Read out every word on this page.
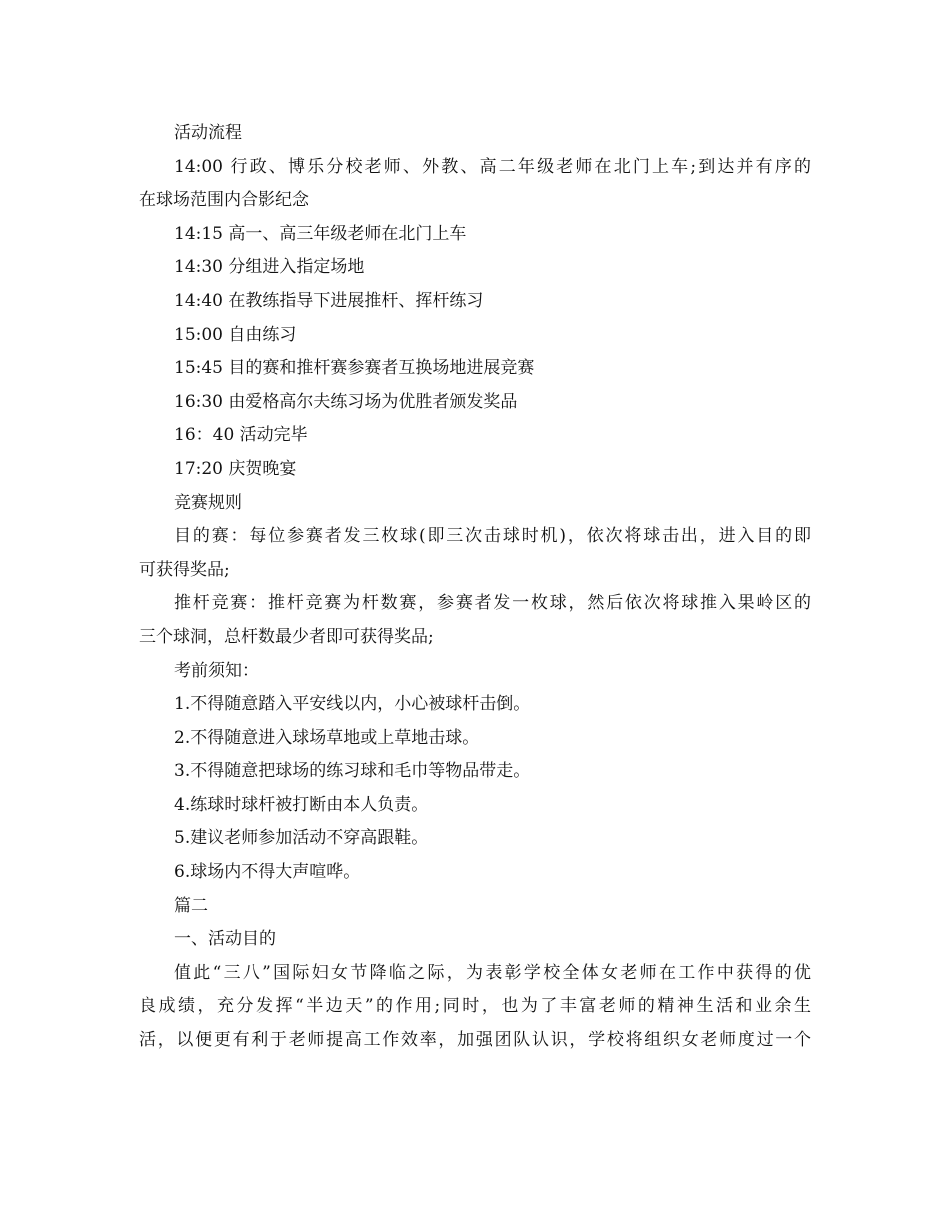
活动流程
14:00 行政、博乐分校老师、外教、高二年级老师在北门上车;到达并有序的
在球场范围内合影纪念
14:15 高一、高三年级老师在北门上车
14:30 分组进入指定场地
14:40 在教练指导下进展推杆、挥杆练习
15:00 自由练习
15:45 目的赛和推杆赛参赛者互换场地进展竞赛
16:30 由爱格高尔夫练习场为优胜者颁发奖品
16：40 活动完毕
17:20 庆贺晚宴
竞赛规则
目的赛：每位参赛者发三枚球(即三次击球时机)，依次将球击出，进入目的即
可获得奖品;
推杆竞赛：推杆竞赛为杆数赛，参赛者发一枚球，然后依次将球推入果岭区的
三个球洞，总杆数最少者即可获得奖品;
考前须知：
1.不得随意踏入平安线以内，小心被球杆击倒。
2.不得随意进入球场草地或上草地击球。
3.不得随意把球场的练习球和毛巾等物品带走。
4.练球时球杆被打断由本人负责。
5.建议老师参加活动不穿高跟鞋。
6.球场内不得大声喧哗。
篇二
一、活动目的
值此“三八”国际妇女节降临之际，为表彰学校全体女老师在工作中获得的优
良成绩，充分发挥“半边天”的作用;同时，也为了丰富老师的精神生活和业余生
活，以便更有利于老师提高工作效率，加强团队认识，学校将组织女老师度过一个
